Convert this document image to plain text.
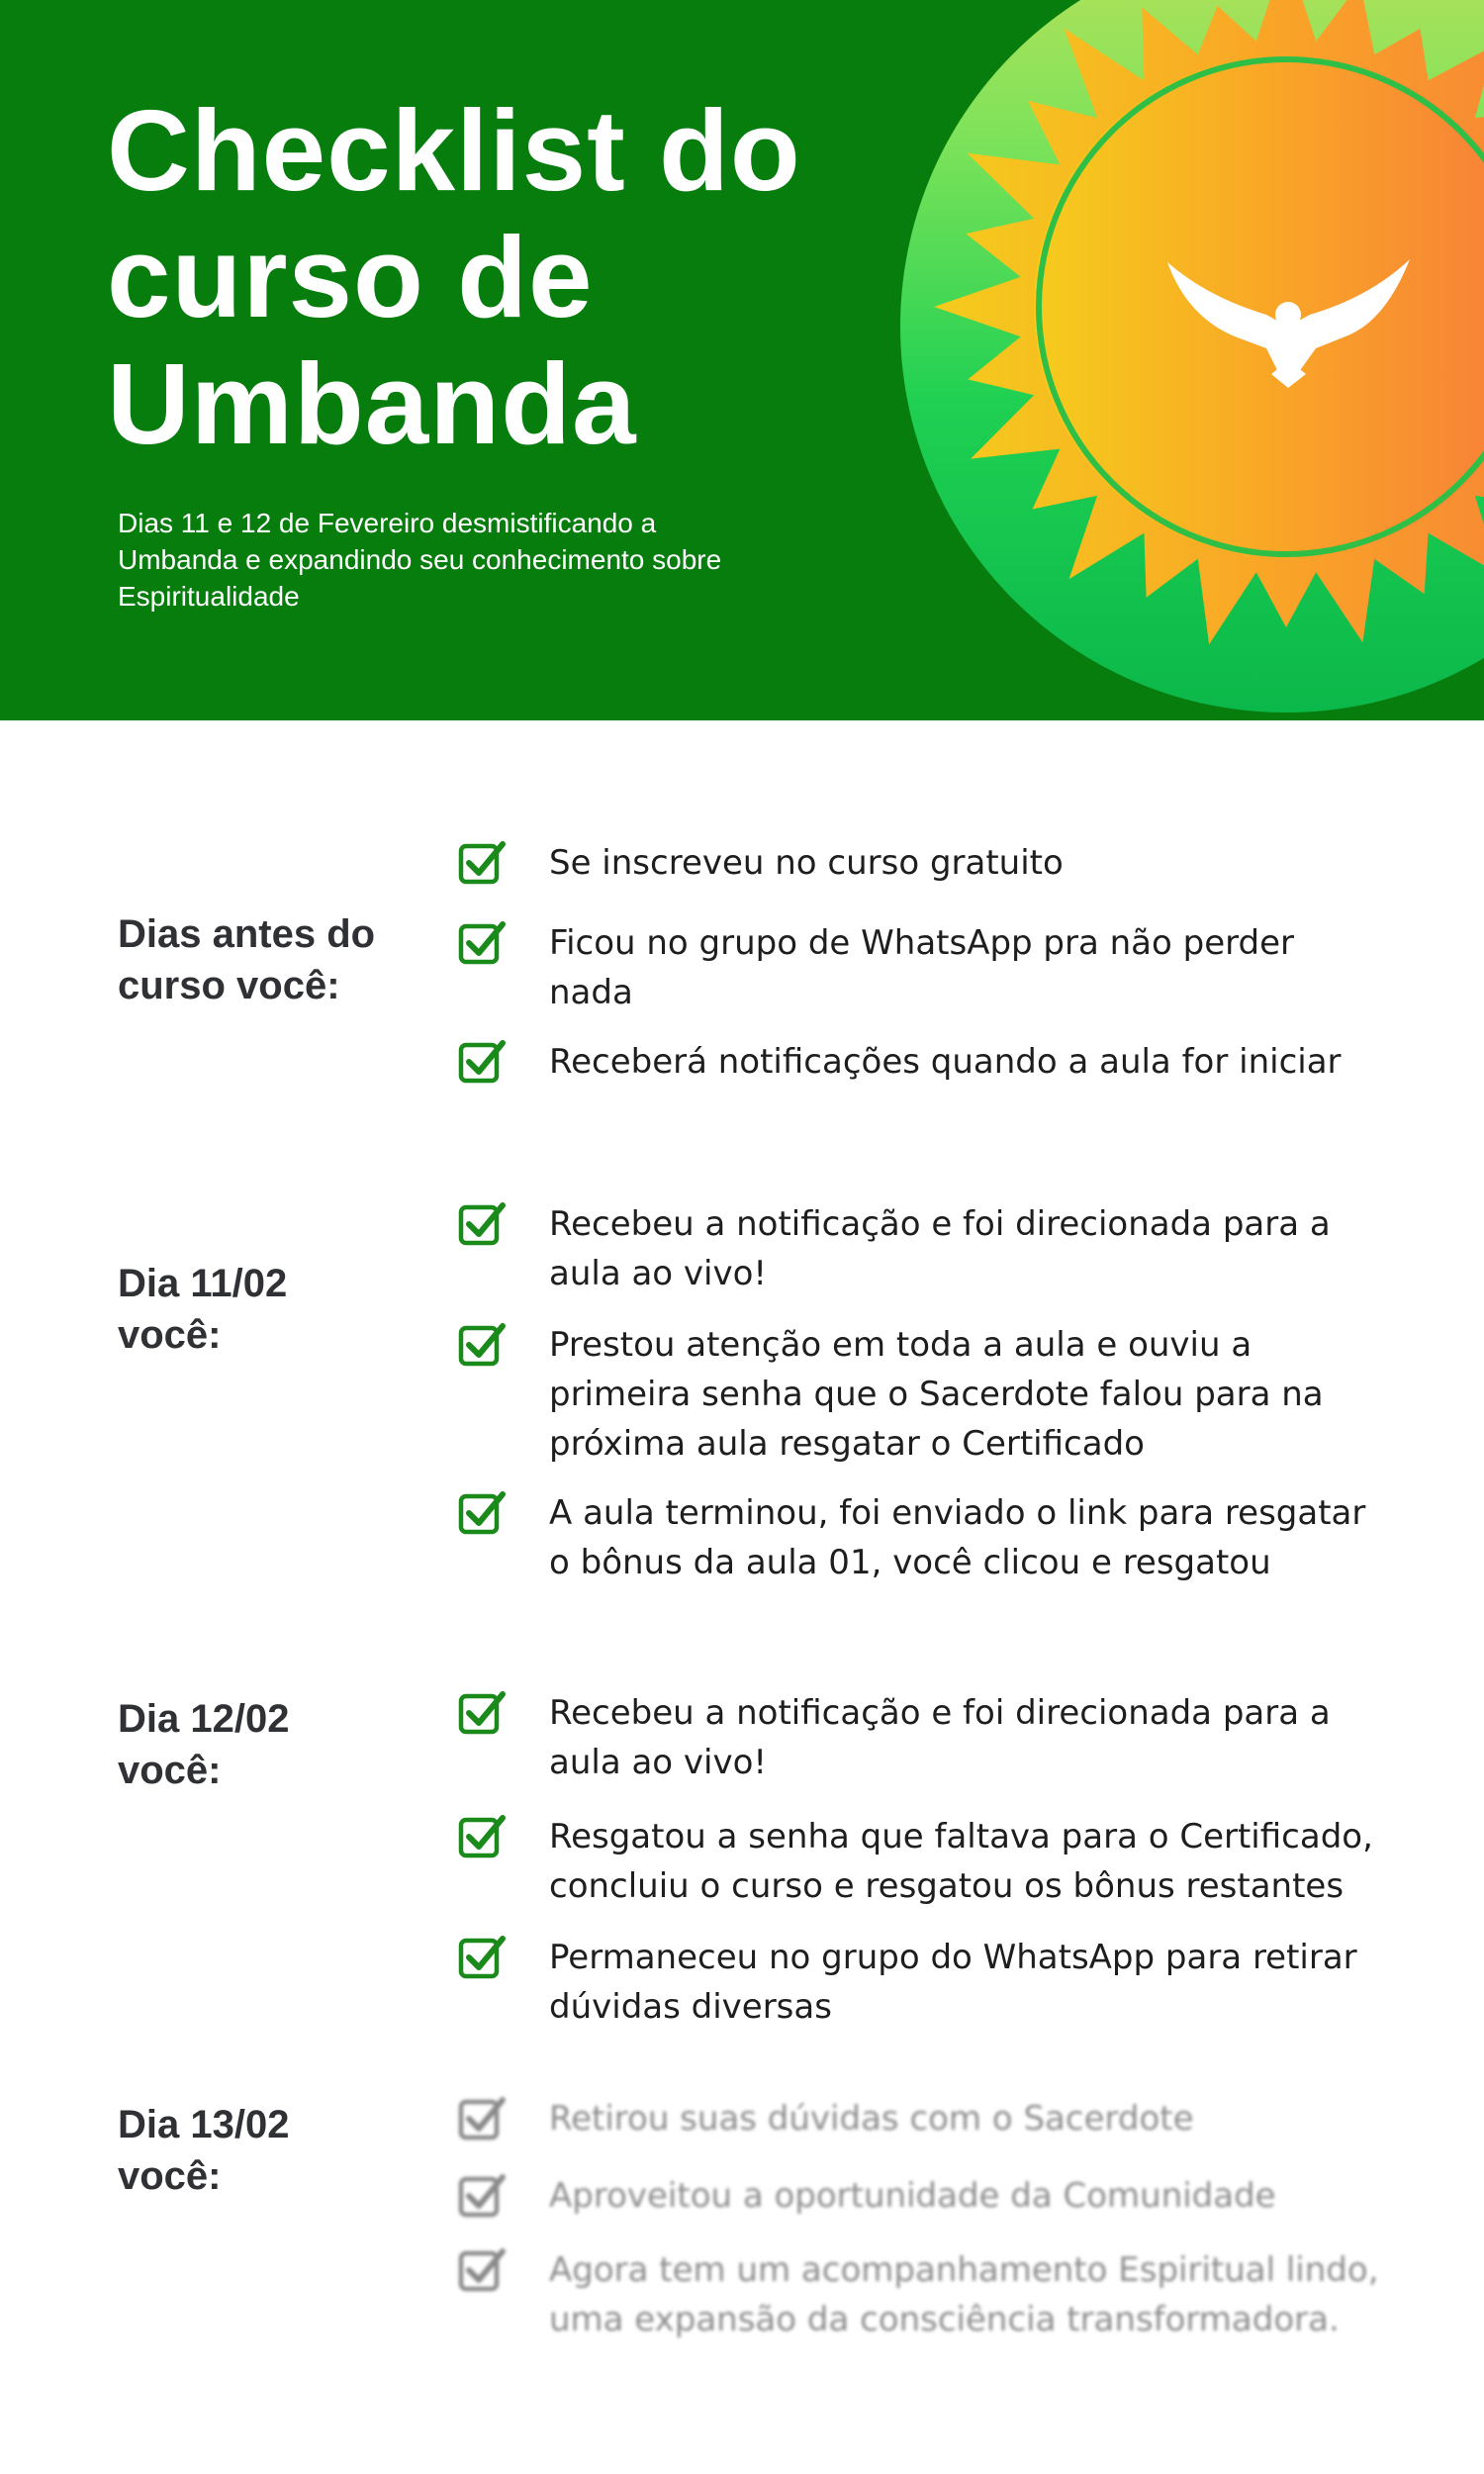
Checklist do
curso de
Umbanda

Dias 11 e 12 de Fevereiro desmistificando a
Umbanda e expandindo seu conhecimento sobre
Espiritualidade

Dias antes do
curso você:

Se inscreveu no curso gratuito

Ficou no grupo de WhatsApp pra não perder
nada

Receberá notificações quando a aula for iniciar

Dia 11/02
você:

Recebeu a notificação e foi direcionada para a
aula ao vivo!

Prestou atenção em toda a aula e ouviu a
primeira senha que o Sacerdote falou para na
próxima aula resgatar o Certificado

A aula terminou, foi enviado o link para resgatar
o bônus da aula 01, você clicou e resgatou

Dia 12/02
você:

Recebeu a notificação e foi direcionada para a
aula ao vivo!

Resgatou a senha que faltava para o Certificado,
concluiu o curso e resgatou os bônus restantes

Permaneceu no grupo do WhatsApp para retirar
dúvidas diversas

Dia 13/02
você:

Retirou suas dúvidas com o Sacerdote

Aproveitou a oportunidade da Comunidade

Agora tem um acompanhamento Espiritual lindo,
uma expansão da consciência transformadora.
